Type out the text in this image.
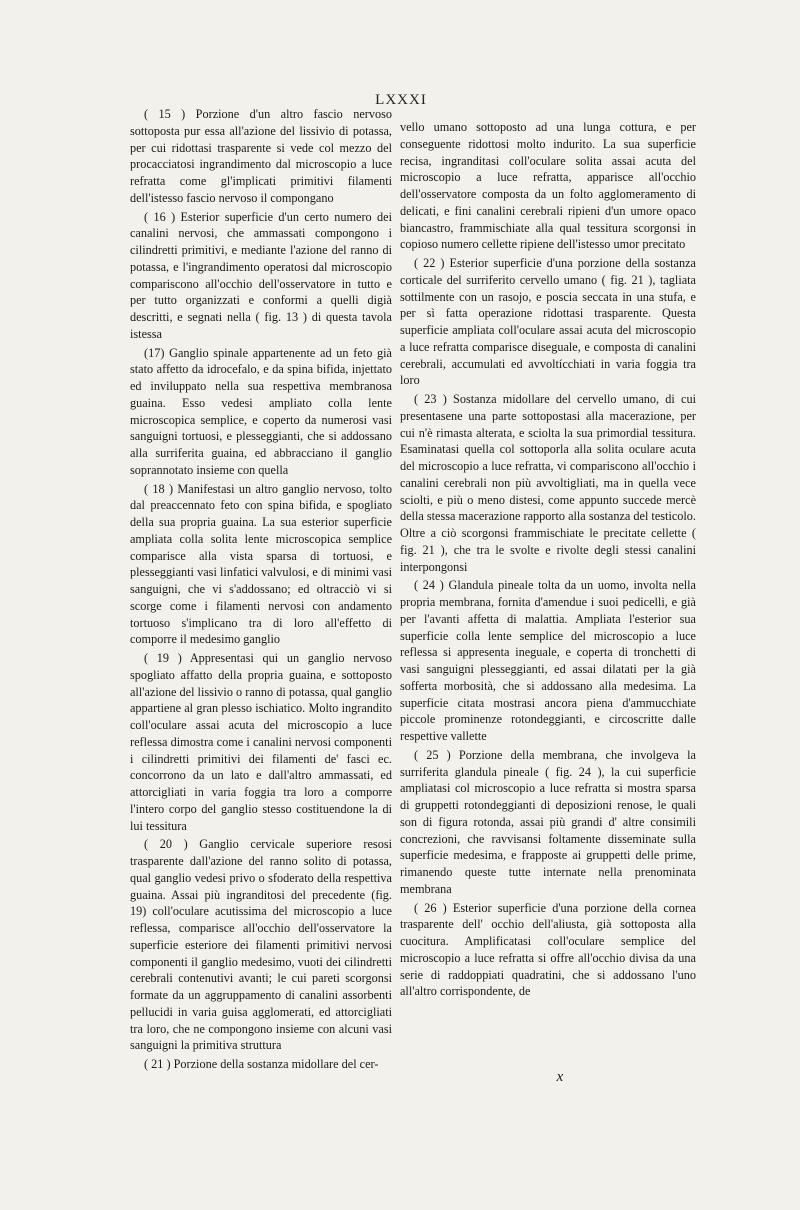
LXXXI

( 15 ) Porzione d'un altro fascio nervoso sottoposta pur essa all'azione del lissivio di potassa, per cui ridottasi trasparente si vede col mezzo del procacciatosi ingrandimento dal microscopio a luce refratta come gl'implicati primitivi filamenti dell'istesso fascio nervoso il compongano

( 16 ) Esterior superficie d'un certo numero dei canalini nervosi, che ammassati compongono i cilindretti primitivi, e mediante l'azione del ranno di potassa, e l'ingrandimento operatosi dal microscopio compariscono all'occhio dell'osservatore in tutto e per tutto organizzati e conformi a quelli digià descritti, e segnati nella ( fig. 13 ) di questa tavola istessa

(17) Ganglio spinale appartenente ad un feto già stato affetto da idrocefalo, e da spina bifida, injettato ed inviluppato nella sua respettiva membranosa guaina. Esso vedesi ampliato colla lente microscopica semplice, e coperto da numerosi vasi sanguigni tortuosi, e plesseggianti, che si addossano alla surriferita guaina, ed abbracciano il ganglio soprannotato insieme con quella

( 18 ) Manifestasi un altro ganglio nervoso, tolto dal preaccennato feto con spina bifida, e spogliato della sua propria guaina. La sua esterior superficie ampliata colla solita lente microscopica semplice comparisce alla vista sparsa di tortuosi, e plesseggianti vasi linfatici valvulosi, e di minimi vasi sanguigni, che vi s'addossano; ed oltracciò vi si scorge come i filamenti nervosi con andamento tortuoso s'implicano tra di loro all'effetto di comporre il medesimo ganglio

( 19 ) Appresentasi qui un ganglio nervoso spogliato affatto della propria guaina, e sottoposto all'azione del lissivio o ranno di potassa, qual ganglio appartiene al gran plesso ischiatico. Molto ingrandito coll'oculare assai acuta del microscopio a luce reflessa dimostra come i canalini nervosi componenti i cilindretti primitivi dei filamenti de' fasci ec. concorrono da un lato e dall'altro ammassati, ed attorcigliati in varia foggia tra loro a comporre l'intero corpo del ganglio stesso costituendone la di lui tessitura

( 20 ) Ganglio cervicale superiore resosi trasparente dall'azione del ranno solito di potassa, qual ganglio vedesi privo o sfoderato della respettiva guaina. Assai più ingranditosi del precedente (fig. 19) coll'oculare acutissima del microscopio a luce reflessa, comparisce all'occhio dell'osservatore la superficie esteriore dei filamenti primitivi nervosi componenti il ganglio medesimo, vuoti dei cilindretti cerebrali contenutivi avanti; le cui pareti scorgonsi formate da un aggruppamento di canalini assorbenti pellucidi in varia guisa agglomerati, ed attorcigliati tra loro, che ne compongono insieme con alcuni vasi sanguigni la primitiva struttura

( 21 ) Porzione della sostanza midollare del cer-

vello umano sottoposto ad una lunga cottura, e per conseguente ridottosi molto indurito. La sua superficie recisa, ingranditasi coll'oculare solita assai acuta del microscopio a luce refratta, apparisce all'occhio dell'osservatore composta da un folto agglomeramento di delicati, e fini canalini cerebrali ripieni d'un umore opaco biancastro, frammischiate alla qual tessitura scorgonsi in copioso numero cellette ripiene dell'istesso umor precitato

( 22 ) Esterior superficie d'una porzione della sostanza corticale del surriferito cervello umano ( fig. 21 ), tagliata sottilmente con un rasojo, e poscia seccata in una stufa, e per sì fatta operazione ridottasi trasparente. Questa superficie ampliata coll'oculare assai acuta del microscopio a luce refratta comparisce diseguale, e composta di canalini cerebrali, accumulati ed avvoltícchiati in varia foggia tra loro

( 23 ) Sostanza midollare del cervello umano, di cui presentasene una parte sottopostasi alla macerazione, per cui n'è rimasta alterata, e sciolta la sua primordial tessitura. Esaminatasi quella col sottoporla alla solita oculare acuta del microscopio a luce refratta, vi compariscono all'occhio i canalini cerebrali non più avvoltigliati, ma in quella vece sciolti, e più o meno distesi, come appunto succede mercè della stessa macerazione rapporto alla sostanza del testicolo. Oltre a ciò scorgonsi frammischiate le precitate cellette ( fig. 21 ), che tra le svolte e rivolte degli stessi canalini interpongonsi

( 24 ) Glandula pineale tolta da un uomo, involta nella propria membrana, fornita d'amendue i suoi pedicelli, e già per l'avanti affetta di malattia. Ampliata l'esterior sua superficie colla lente semplice del microscopio a luce reflessa si appresenta ineguale, e coperta di tronchetti di vasi sanguigni plesseggianti, ed assai dilatati per la già sofferta morbosità, che si addossano alla medesima. La superficie citata mostrasi ancora piena d'ammucchiate piccole prominenze rotondeggianti, e circoscritte dalle respettive vallette

( 25 ) Porzione della membrana, che involgeva la surriferita glandula pineale ( fig. 24 ), la cui superficie ampliatasi col microscopio a luce refratta si mostra sparsa di gruppetti rotondeggianti di deposizioni renose, le quali son di figura rotonda, assai più grandi d' altre consimili concrezioni, che ravvisansi foltamente disseminate sulla superficie medesima, e frapposte ai gruppetti delle prime, rimanendo queste tutte internate nella prenominata membrana

( 26 ) Esterior superficie d'una porzione della cornea trasparente dell' occhio dell'aliusta, già sottoposta alla cuocitura. Amplificatasi coll'oculare semplice del microscopio a luce refratta si offre all'occhio divisa da una serie di raddoppiati quadratini, che si addossano l'uno all'altro corrispondente, de

x
